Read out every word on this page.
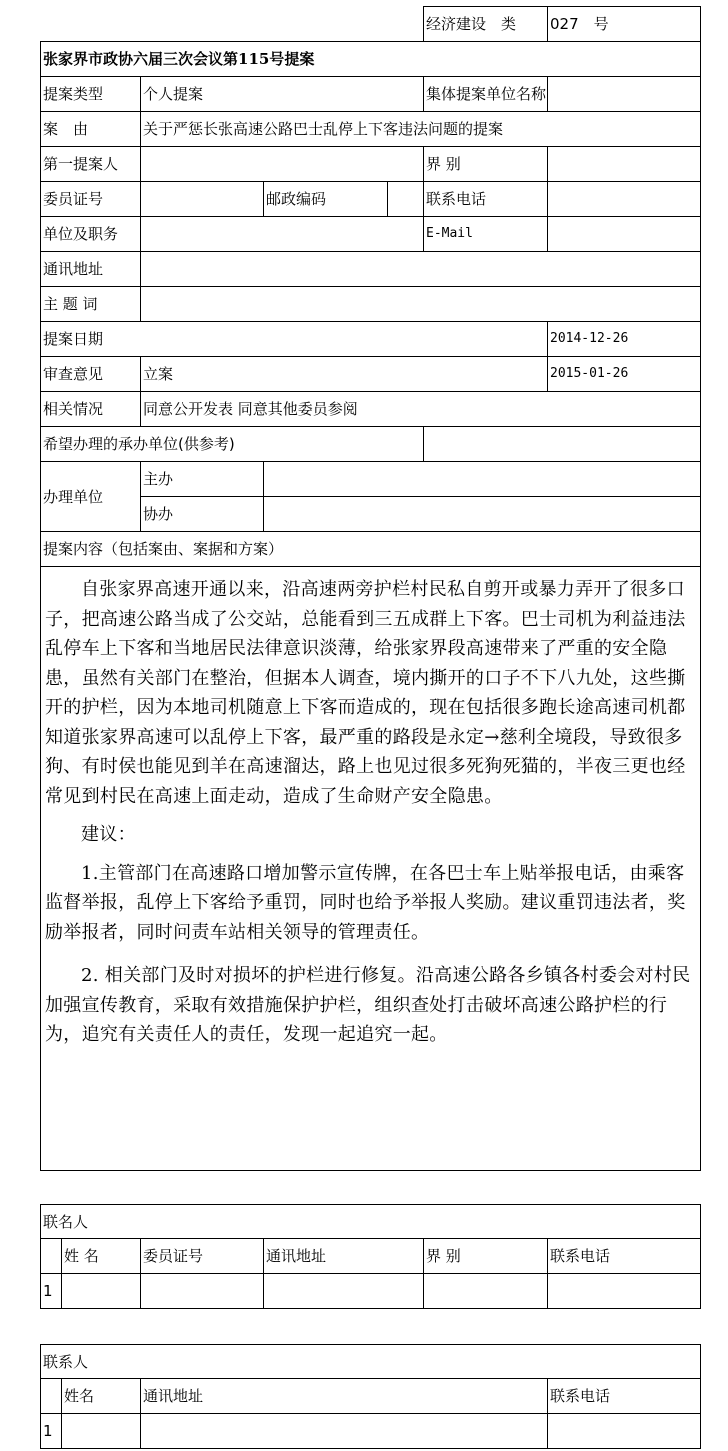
				经济建设　类	027　号
张家界市政协六届三次会议第115号提案					
提案类型	个人提案			集体提案单位名称	
案　由	关于严惩长张高速公路巴士乱停上下客违法问题的提案				
第一提案人				界 别	
委员证号		邮政编码		联系电话	
单位及职务				E-Mail	
通讯地址					
主 题 词					
提案日期					2014-12-26
审查意见	立案				2015-01-26
相关情况	同意公开发表 同意其他委员参阅				
希望办理的承办单位(供参考)					
办理单位	主办				
	协办				
提案内容（包括案由、案据和方案）					

自张家界高速开通以来，沿高速两旁护栏村民私自剪开或暴力弄开了很多口子，把高速公路当成了公交站，总能看到三五成群上下客。巴士司机为利益违法乱停车上下客和当地居民法律意识淡薄，给张家界段高速带来了严重的安全隐患，虽然有关部门在整治，但据本人调查，境内撕开的口子不下八九处，这些撕开的护栏，因为本地司机随意上下客而造成的，现在包括很多跑长途高速司机都知道张家界高速可以乱停上下客，最严重的路段是永定→慈利全境段，导致很多狗、有时侯也能见到羊在高速溜达，路上也见过很多死狗死猫的，半夜三更也经常见到村民在高速上面走动，造成了生命财产安全隐患。

建议：

1.主管部门在高速路口增加警示宣传牌，在各巴士车上贴举报电话，由乘客监督举报，乱停上下客给予重罚，同时也给予举报人奖励。建议重罚违法者，奖励举报者，同时问责车站相关领导的管理责任。

2. 相关部门及时对损坏的护栏进行修复。沿高速公路各乡镇各村委会对村民加强宣传教育，采取有效措施保护护栏，组织查处打击破坏高速公路护栏的行为，追究有关责任人的责任，发现一起追究一起。					

联名人					
	姓 名	委员证号	通讯地址	界 别	联系电话
1					
联系人			
	姓名	通讯地址	联系电话
1			
